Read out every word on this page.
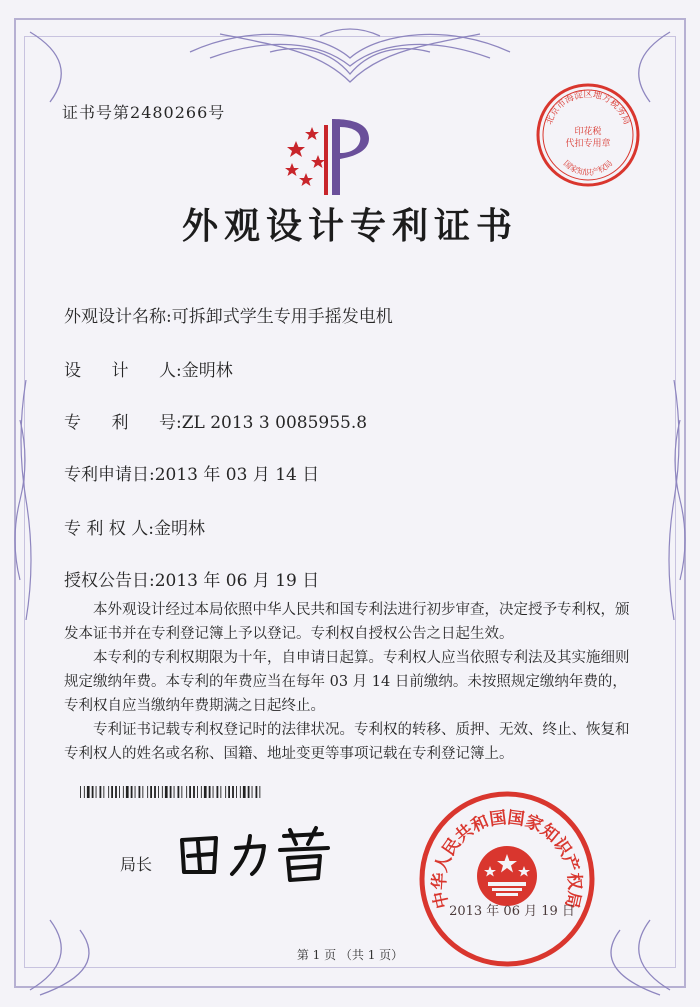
证书号第2480266号
外观设计专利证书
外观设计名称:可拆卸式学生专用手摇发电机
设 计 人 :金明林
专 利 号 :ZL 2013 3 0085955.8
专利申请日:2013 年 03 月 14 日
专 利 权 人:金明林
授权公告日:2013 年 06 月 19 日

本外观设计经过本局依照中华人民共和国专利法进行初步审查，决定授予专利权，颁发本证书并在专利登记簿上予以登记。专利权自授权公告之日起生效。

本专利的专利权期限为十年，自申请日起算。专利权人应当依照专利法及其实施细则规定缴纳年费。本专利的年费应当在每年 03 月 14 日前缴纳。未按照规定缴纳年费的，专利权自应当缴纳年费期满之日起终止。

专利证书记载专利权登记时的法律状况。专利权的转移、质押、无效、终止、恢复和专利权人的姓名或名称、国籍、地址变更等事项记载在专利登记簿上。

局长
第 1 页 （共 1 页）
北京市海淀区地方税务局
印花税
代扣专用章
国家知识产权局
中华人民共和国国家知识产权局
2013 年 06 月 19 日
